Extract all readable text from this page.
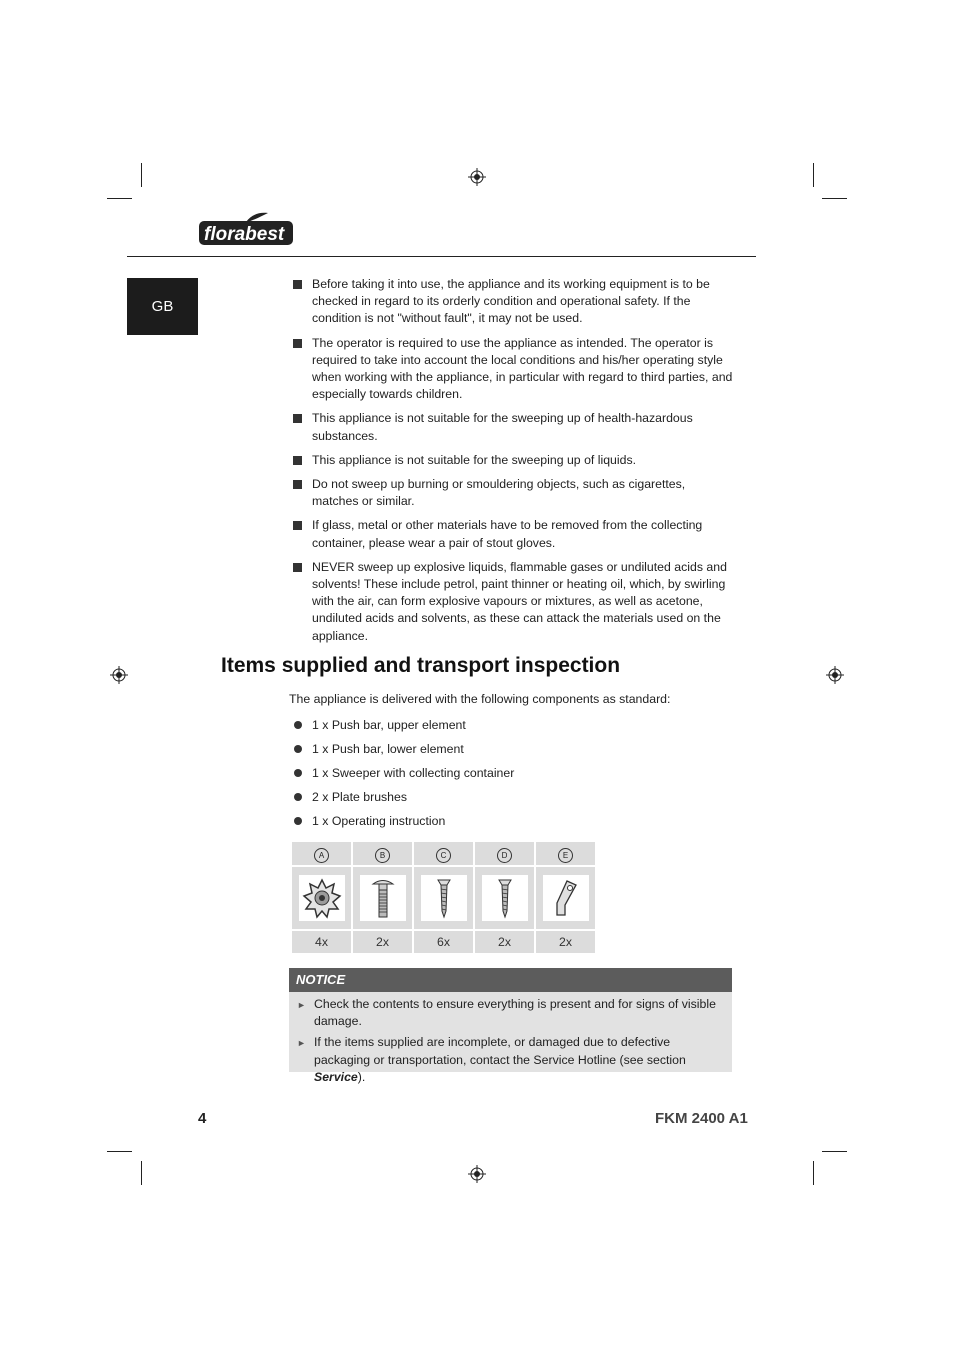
florabest
GB
Before taking it into use, the appliance and its working equipment is to be checked in regard to its orderly condition and operational safety. If the condition is not "without fault", it may not be used.
The operator is required to use the appliance as intended. The operator is required to take into account the local conditions and his/her operating style when working with the appliance, in particular with regard to third parties, and especially towards children.
This appliance is not suitable for the sweeping up of health-hazardous substances.
This appliance is not suitable for the sweeping up of liquids.
Do not sweep up burning or smouldering objects, such as cigarettes, matches or similar.
If glass, metal or other materials have to be removed from the collecting container, please wear a pair of stout gloves.
NEVER sweep up explosive liquids, flammable gases or undiluted acids and solvents! These include petrol, paint thinner or heating oil, which, by swirling with the air, can form explosive vapours or mixtures, as well as acetone, undiluted acids and solvents, as these can attack the materials used on the appliance.
Items supplied and transport inspection
The appliance is delivered with the following components as standard:
1 x Push bar, upper element
1 x Push bar, lower element
1 x Sweeper with collecting container
2 x Plate brushes
1 x Operating instruction
A	B	C	D	E

4x	2x	6x	2x	2x
NOTICE
► Check the contents to ensure everything is present and for signs of visible damage.
► If the items supplied are incomplete, or damaged due to defective packaging or transportation, contact the Service Hotline (see section Service).
4	FKM 2400 A1
